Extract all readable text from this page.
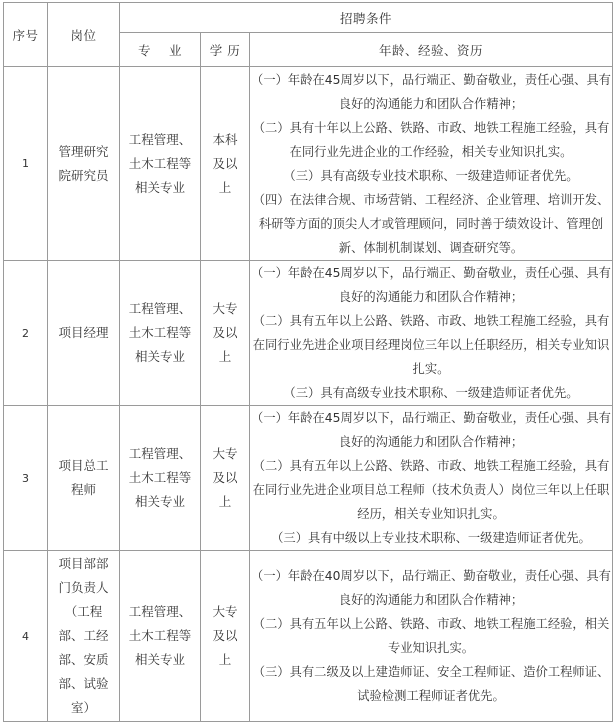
序号	岗位	招聘条件		
		专    业	学 历	年龄、经验、资历
1	管理研究院研究员	工程管理、土木工程等相关专业	本科及以上	（一）年龄在45周岁以下，品行端正、勤奋敬业，责任心强、具有良好的沟通能力和团队合作精神；

（二）具有十年以上公路、铁路、市政、地铁工程施工经验，具有在同行业先进企业的工作经验，相关专业知识扎实。

（三）具有高级专业技术职称、一级建造师证者优先。

（四）在法律合规、市场营销、工程经济、企业管理、培训开发、科研等方面的顶尖人才或管理顾问，同时善于绩效设计、管理创新、体制机制谋划、调查研究等。

2	项目经理	工程管理、土木工程等相关专业	大专及以上	（一）年龄在45周岁以下，品行端正、勤奋敬业，责任心强、具有良好的沟通能力和团队合作精神；

（二）具有五年以上公路、铁路、市政、地铁工程施工经验，具有在同行业先进企业项目经理岗位三年以上任职经历，相关专业知识扎实。

（三）具有高级专业技术职称、一级建造师证者优先。

3	项目总工程师	工程管理、土木工程等相关专业	大专及以上	（一）年龄在45周岁以下，品行端正、勤奋敬业，责任心强、具有良好的沟通能力和团队合作精神；

（二）具有五年以上公路、铁路、市政、地铁工程施工经验，具有在同行业先进企业项目总工程师（技术负责人）岗位三年以上任职经历，相关专业知识扎实。

（三）具有中级以上专业技术职称、一级建造师证者优先。

4	项目部部门负责人（工程部、工经部、安质部、试验室）	工程管理、土木工程等相关专业	大专及以上	（一）年龄在40周岁以下，品行端正、勤奋敬业，责任心强、具有良好的沟通能力和团队合作精神；

（二）具有五年以上公路、铁路、市政、地铁工程施工经验，相关专业知识扎实。

（三）具有二级及以上建造师证、安全工程师证、造价工程师证、试验检测工程师证者优先。
